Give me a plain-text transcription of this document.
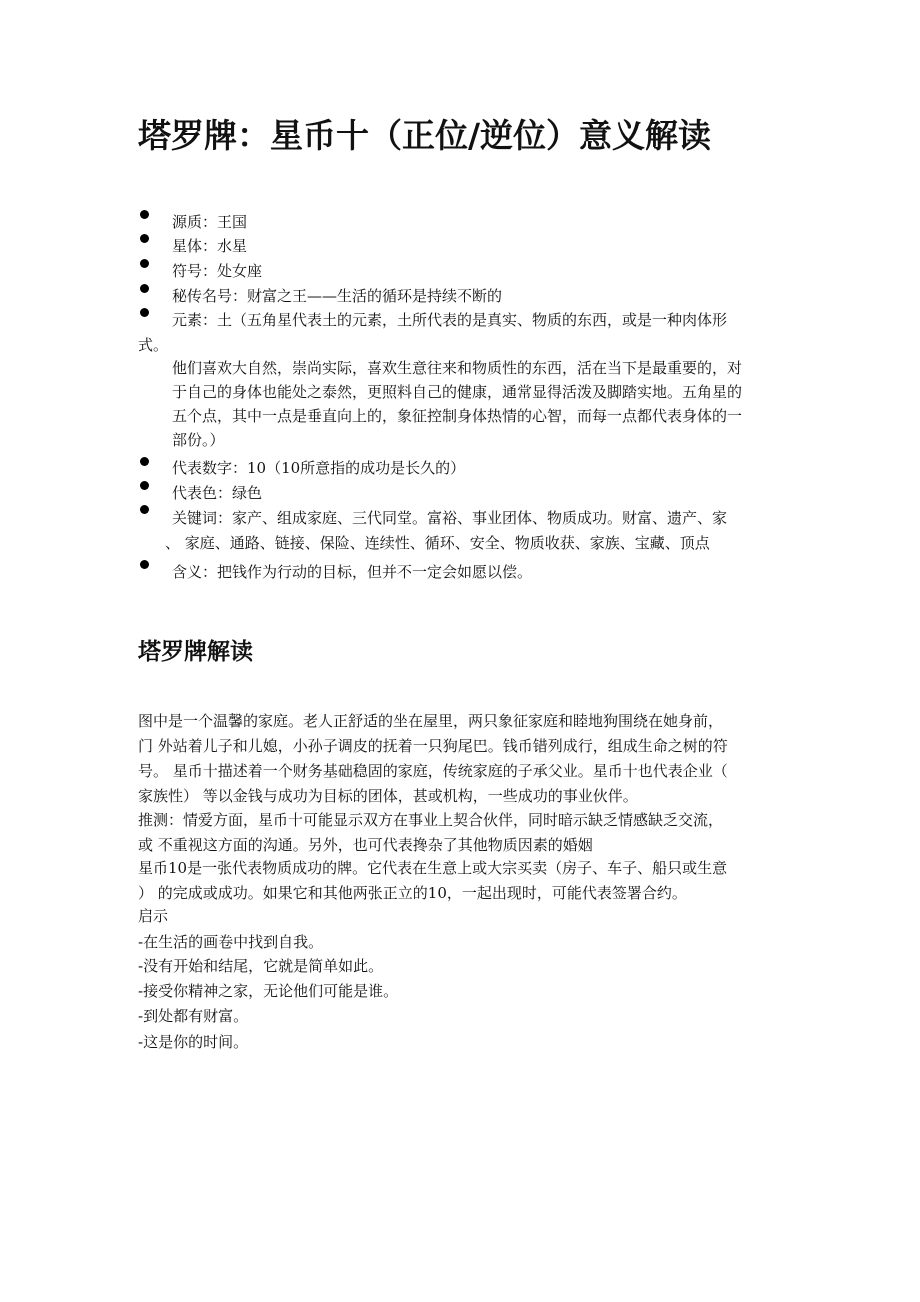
塔罗牌：星币十（正位/逆位）意义解读
源质：王国
星体：水星
符号：处女座
秘传名号：财富之王——生活的循环是持续不断的
元素：土（五角星代表土的元素，土所代表的是真实、物质的东西，或是一种肉体形
式。
他们喜欢大自然，崇尚实际，喜欢生意往来和物质性的东西，活在当下是最重要的，对
于自己的身体也能处之泰然，更照料自己的健康，通常显得活泼及脚踏实地。五角星的
五个点，其中一点是垂直向上的，象征控制身体热情的心智，而每一点都代表身体的一
部份。）
代表数字：10（10所意指的成功是长久的）
代表色：绿色
关键词：家产、组成家庭、三代同堂。富裕、事业团体、物质成功。财富、遗产、家
、 家庭、通路、链接、保险、连续性、循环、安全、物质收获、家族、宝藏、顶点
含义：把钱作为行动的目标，但并不一定会如愿以偿。
塔罗牌解读
图中是一个温馨的家庭。老人正舒适的坐在屋里，两只象征家庭和睦地狗围绕在她身前，
门 外站着儿子和儿媳，小孙子调皮的抚着一只狗尾巴。钱币错列成行，组成生命之树的符
号。 星币十描述着一个财务基础稳固的家庭，传统家庭的子承父业。星币十也代表企业（
家族性） 等以金钱与成功为目标的团体，甚或机构，一些成功的事业伙伴。
推测：情爱方面，星币十可能显示双方在事业上契合伙伴，同时暗示缺乏情感缺乏交流，
或 不重视这方面的沟通。另外，也可代表搀杂了其他物质因素的婚姻
星币10是一张代表物质成功的牌。它代表在生意上或大宗买卖（房子、车子、船只或生意
） 的完成或成功。如果它和其他两张正立的10，一起出现时，可能代表签署合约。
启示
-在生活的画卷中找到自我。
-没有开始和结尾，它就是简单如此。
-接受你精神之家，无论他们可能是谁。
-到处都有财富。
-这是你的时间。
